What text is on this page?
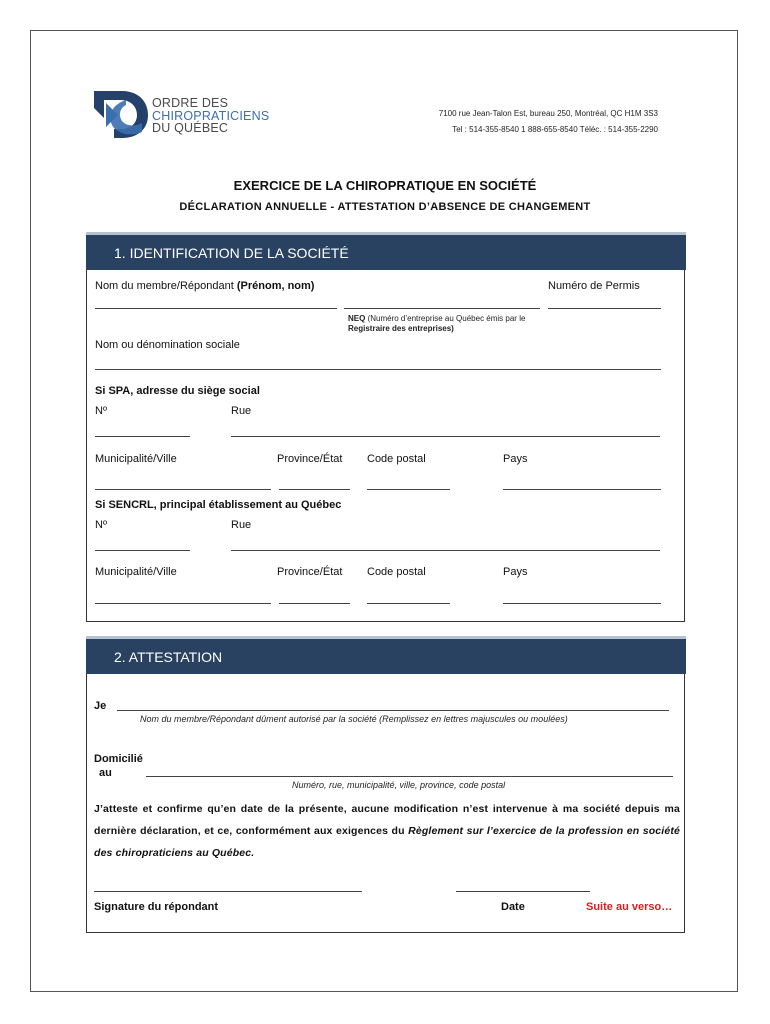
ORDRE DES
CHIROPRATICIENS
DU QUÉBEC
7100 rue Jean-Talon Est, bureau 250, Montréal, QC H1M 3S3
Tel : 514-355-8540 1 888-655-8540 Téléc. : 514-355-2290
EXERCICE DE LA CHIROPRATIQUE EN SOCIÉTÉ
DÉCLARATION ANNUELLE - ATTESTATION D’ABSENCE DE CHANGEMENT
1. IDENTIFICATION DE LA SOCIÉTÉ
Nom du membre/Répondant (Prénom, nom)	Numéro de Permis
NEQ (Numéro d’entreprise au Québec émis par le
Registraire des entreprises)
Nom ou dénomination sociale
Si SPA, adresse du siège social
Nº	Rue
Municipalité/Ville	Province/État Code postal	Pays
Si SENCRL, principal établissement au Québec
Nº	Rue
Municipalité/Ville	Province/État Code postal	Pays
2. ATTESTATION
Je
Nom du membre/Répondant dûment autorisé par la société (Remplissez en lettres majuscules ou moulées)
Domicilié
au
Numéro, rue, municipalité, ville, province, code postal
J’atteste et confirme qu’en date de la présente, aucune modification n’est intervenue à ma société depuis ma dernière déclaration, et ce, conformément aux exigences du Règlement sur l’exercice de la profession en société des chiropraticiens au Québec.
Signature du répondant	Date	Suite au verso…
